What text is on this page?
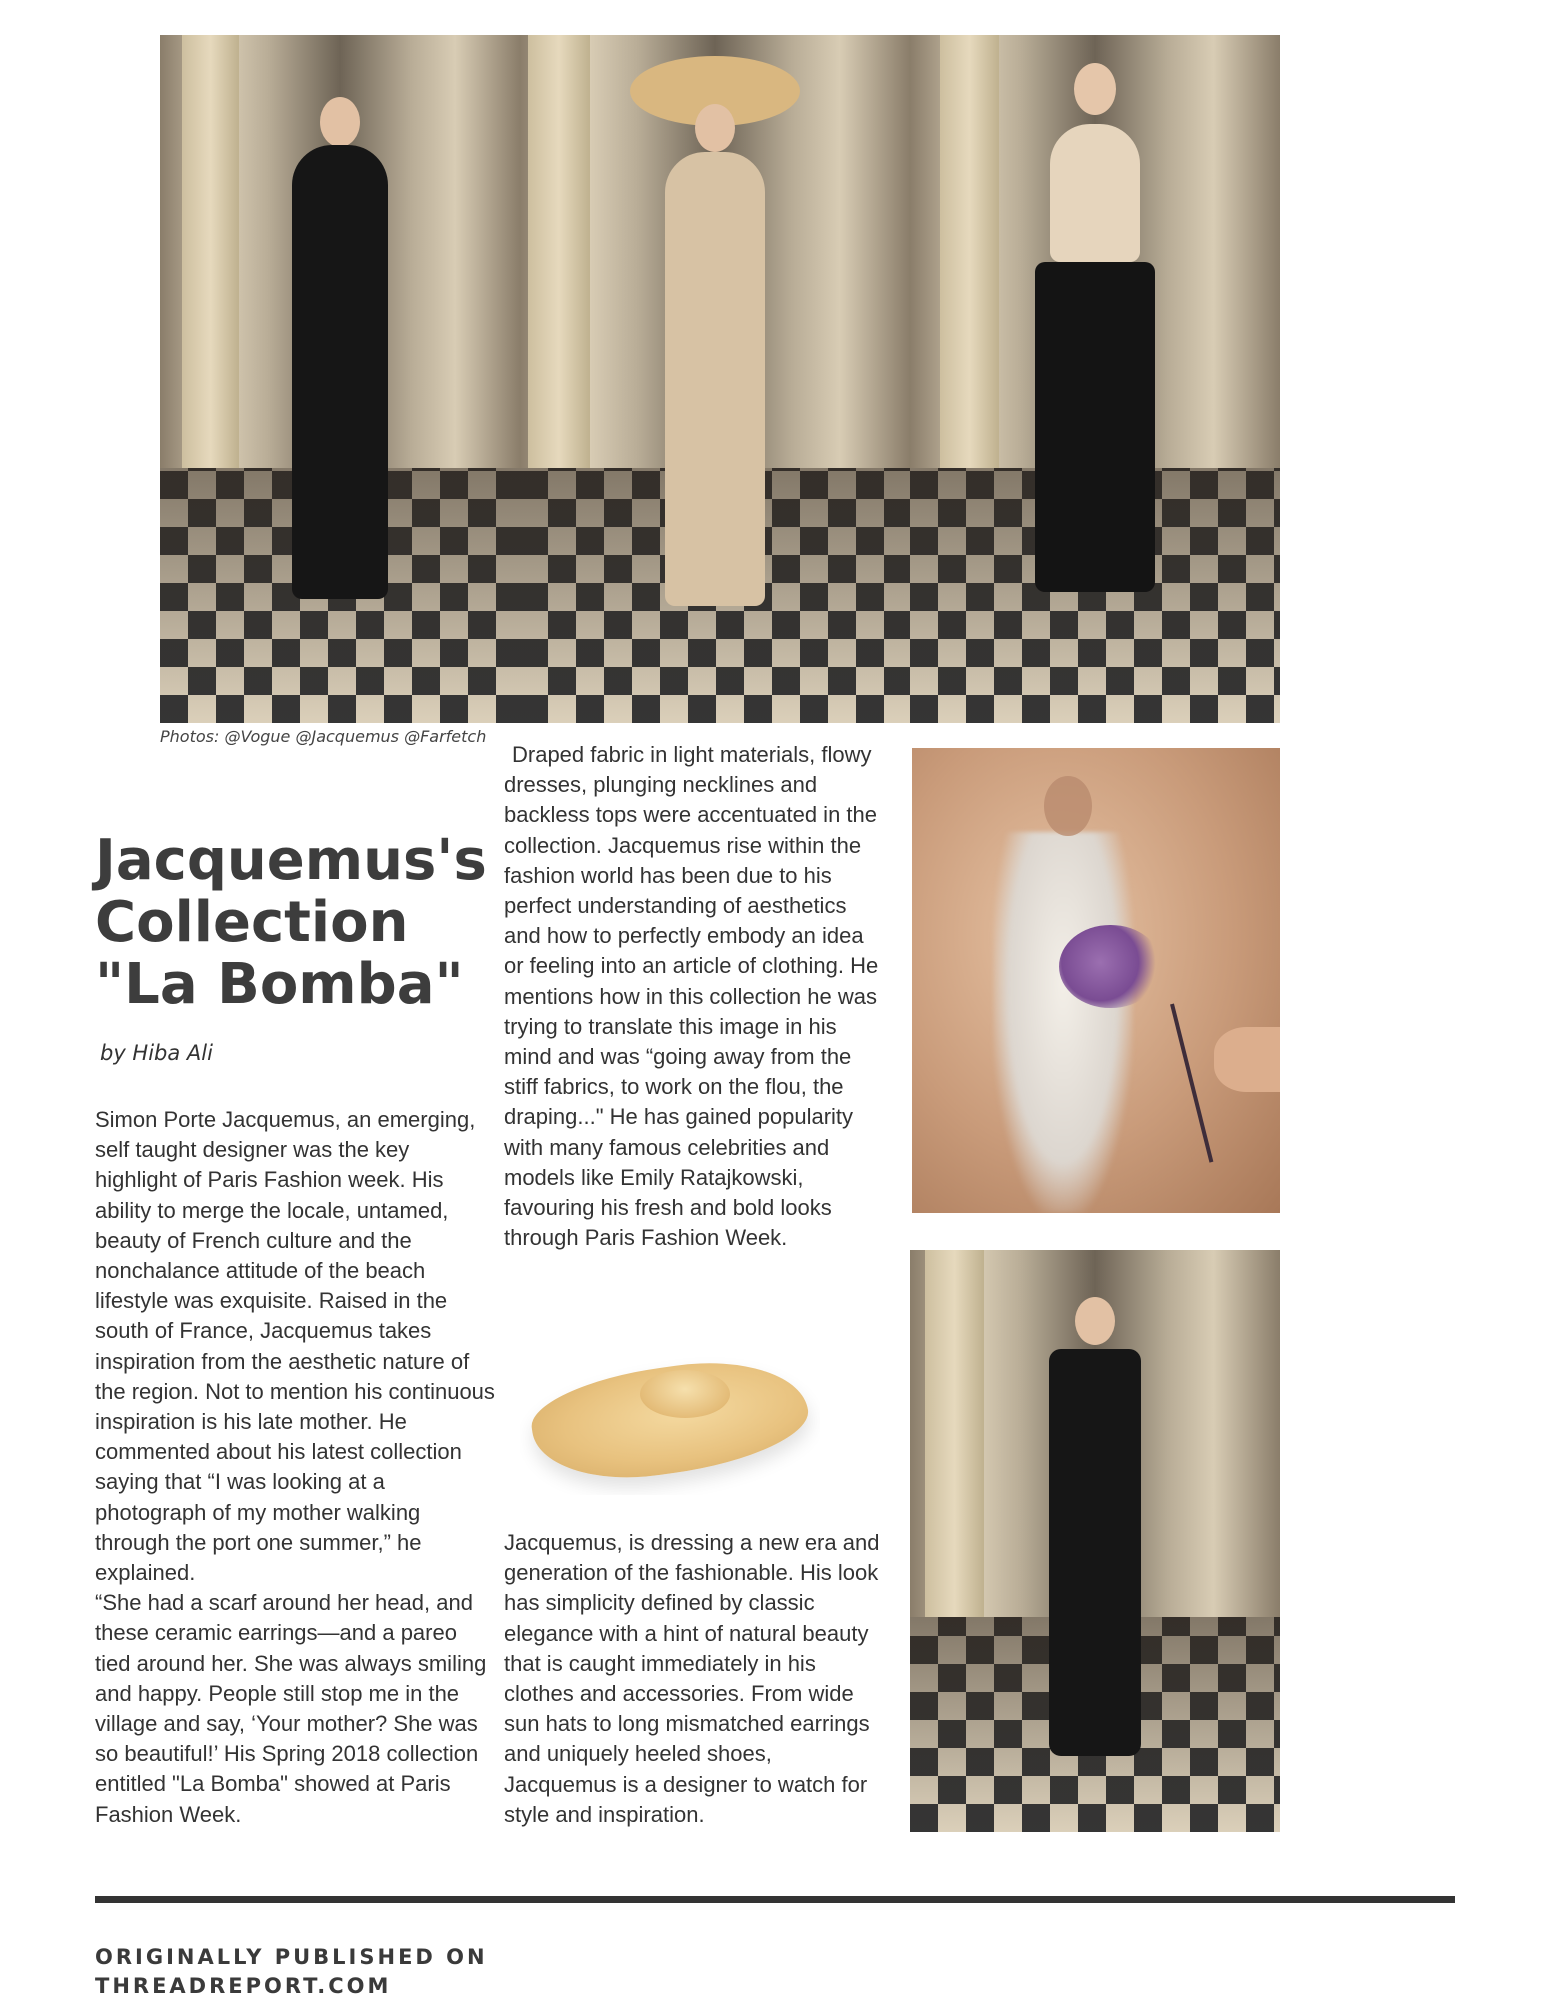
Photos: @Vogue @Jacquemus @Farfetch
Jacquemus's Collection "La Bomba"
by Hiba Ali

Simon Porte Jacquemus, an emerging, self taught designer was the key highlight of Paris Fashion week. His ability to merge the locale, untamed, beauty of French culture and the nonchalance attitude of the beach lifestyle was exquisite. Raised in the south of France, Jacquemus takes inspiration from the aesthetic nature of the region. Not to mention his continuous inspiration is his late mother. He commented about his latest collection saying that “I was looking at a photograph of my mother walking through the port one summer,” he explained.
“She had a scarf around her head, and these ceramic earrings—and a pareo tied around her. She was always smiling and happy. People still stop me in the village and say, ‘Your mother? She was so beautiful!’ His Spring 2018 collection entitled "La Bomba" showed at Paris Fashion Week.

Draped fabric in light materials, flowy dresses, plunging necklines and backless tops were accentuated in the collection. Jacquemus rise within the fashion world has been due to his perfect understanding of aesthetics and how to perfectly embody an idea or feeling into an article of clothing. He mentions how in this collection he was trying to translate this image in his mind and was “going away from the stiff fabrics, to work on the flou, the draping..." He has gained popularity with many famous celebrities and models like Emily Ratajkowski, favouring his fresh and bold looks through Paris Fashion Week.

Jacquemus, is dressing a new era and generation of the fashionable. His look has simplicity defined by classic elegance with a hint of natural beauty that is caught immediately in his clothes and accessories. From wide sun hats to long mismatched earrings and uniquely heeled shoes, Jacquemus is a designer to watch for style and inspiration.

ORIGINALLY PUBLISHED ON
THREADREPORT.COM
